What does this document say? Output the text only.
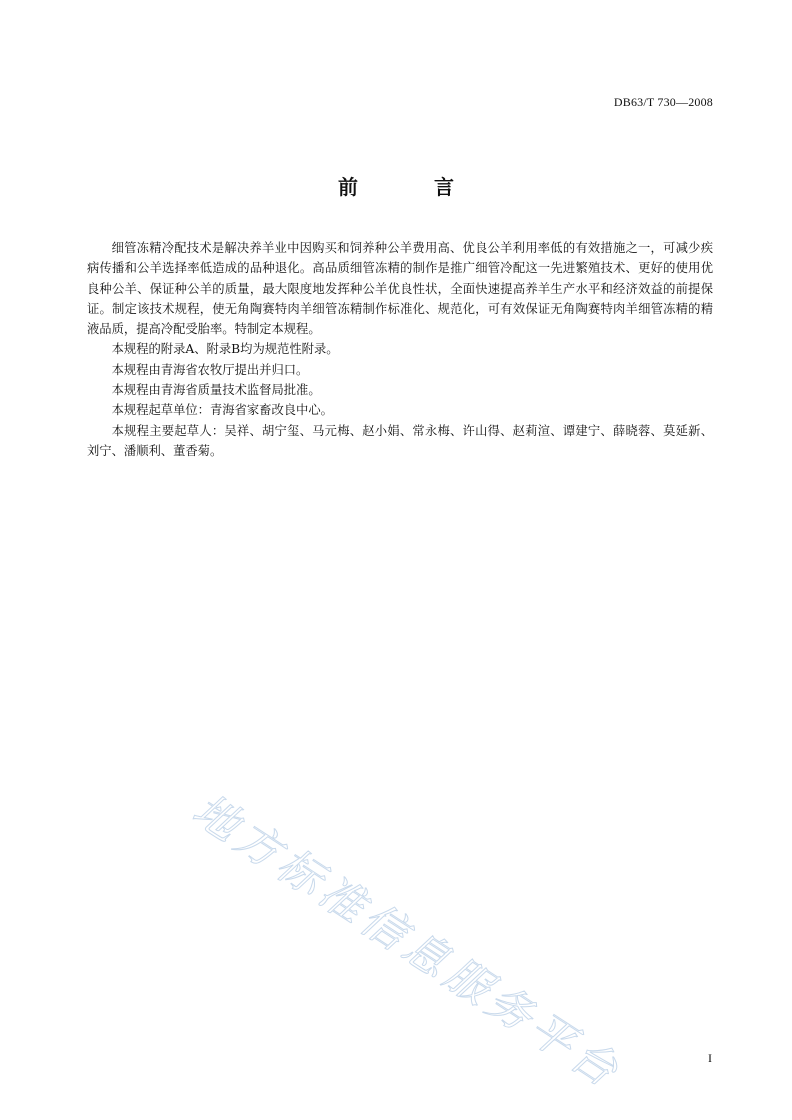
DB63/T 730—2008
前　言

细管冻精冷配技术是解决养羊业中因购买和饲养种公羊费用高、优良公羊利用率低的有效措施之一，可减少疾病传播和公羊选择率低造成的品种退化。高品质细管冻精的制作是推广细管冷配这一先进繁殖技术、更好的使用优良种公羊、保证种公羊的质量，最大限度地发挥种公羊优良性状，全面快速提高养羊生产水平和经济效益的前提保证。制定该技术规程，使无角陶赛特肉羊细管冻精制作标准化、规范化，可有效保证无角陶赛特肉羊细管冻精的精液品质，提高冷配受胎率。特制定本规程。

本规程的附录A、附录B均为规范性附录。

本规程由青海省农牧厅提出并归口。

本规程由青海省质量技术监督局批准。

本规程起草单位：青海省家畜改良中心。

本规程主要起草人：吴祥、胡宁玺、马元梅、赵小娟、常永梅、许山得、赵莉渲、谭建宁、薛晓蓉、莫延新、刘宁、潘顺利、董香菊。

地方标准信息服务平台	I
